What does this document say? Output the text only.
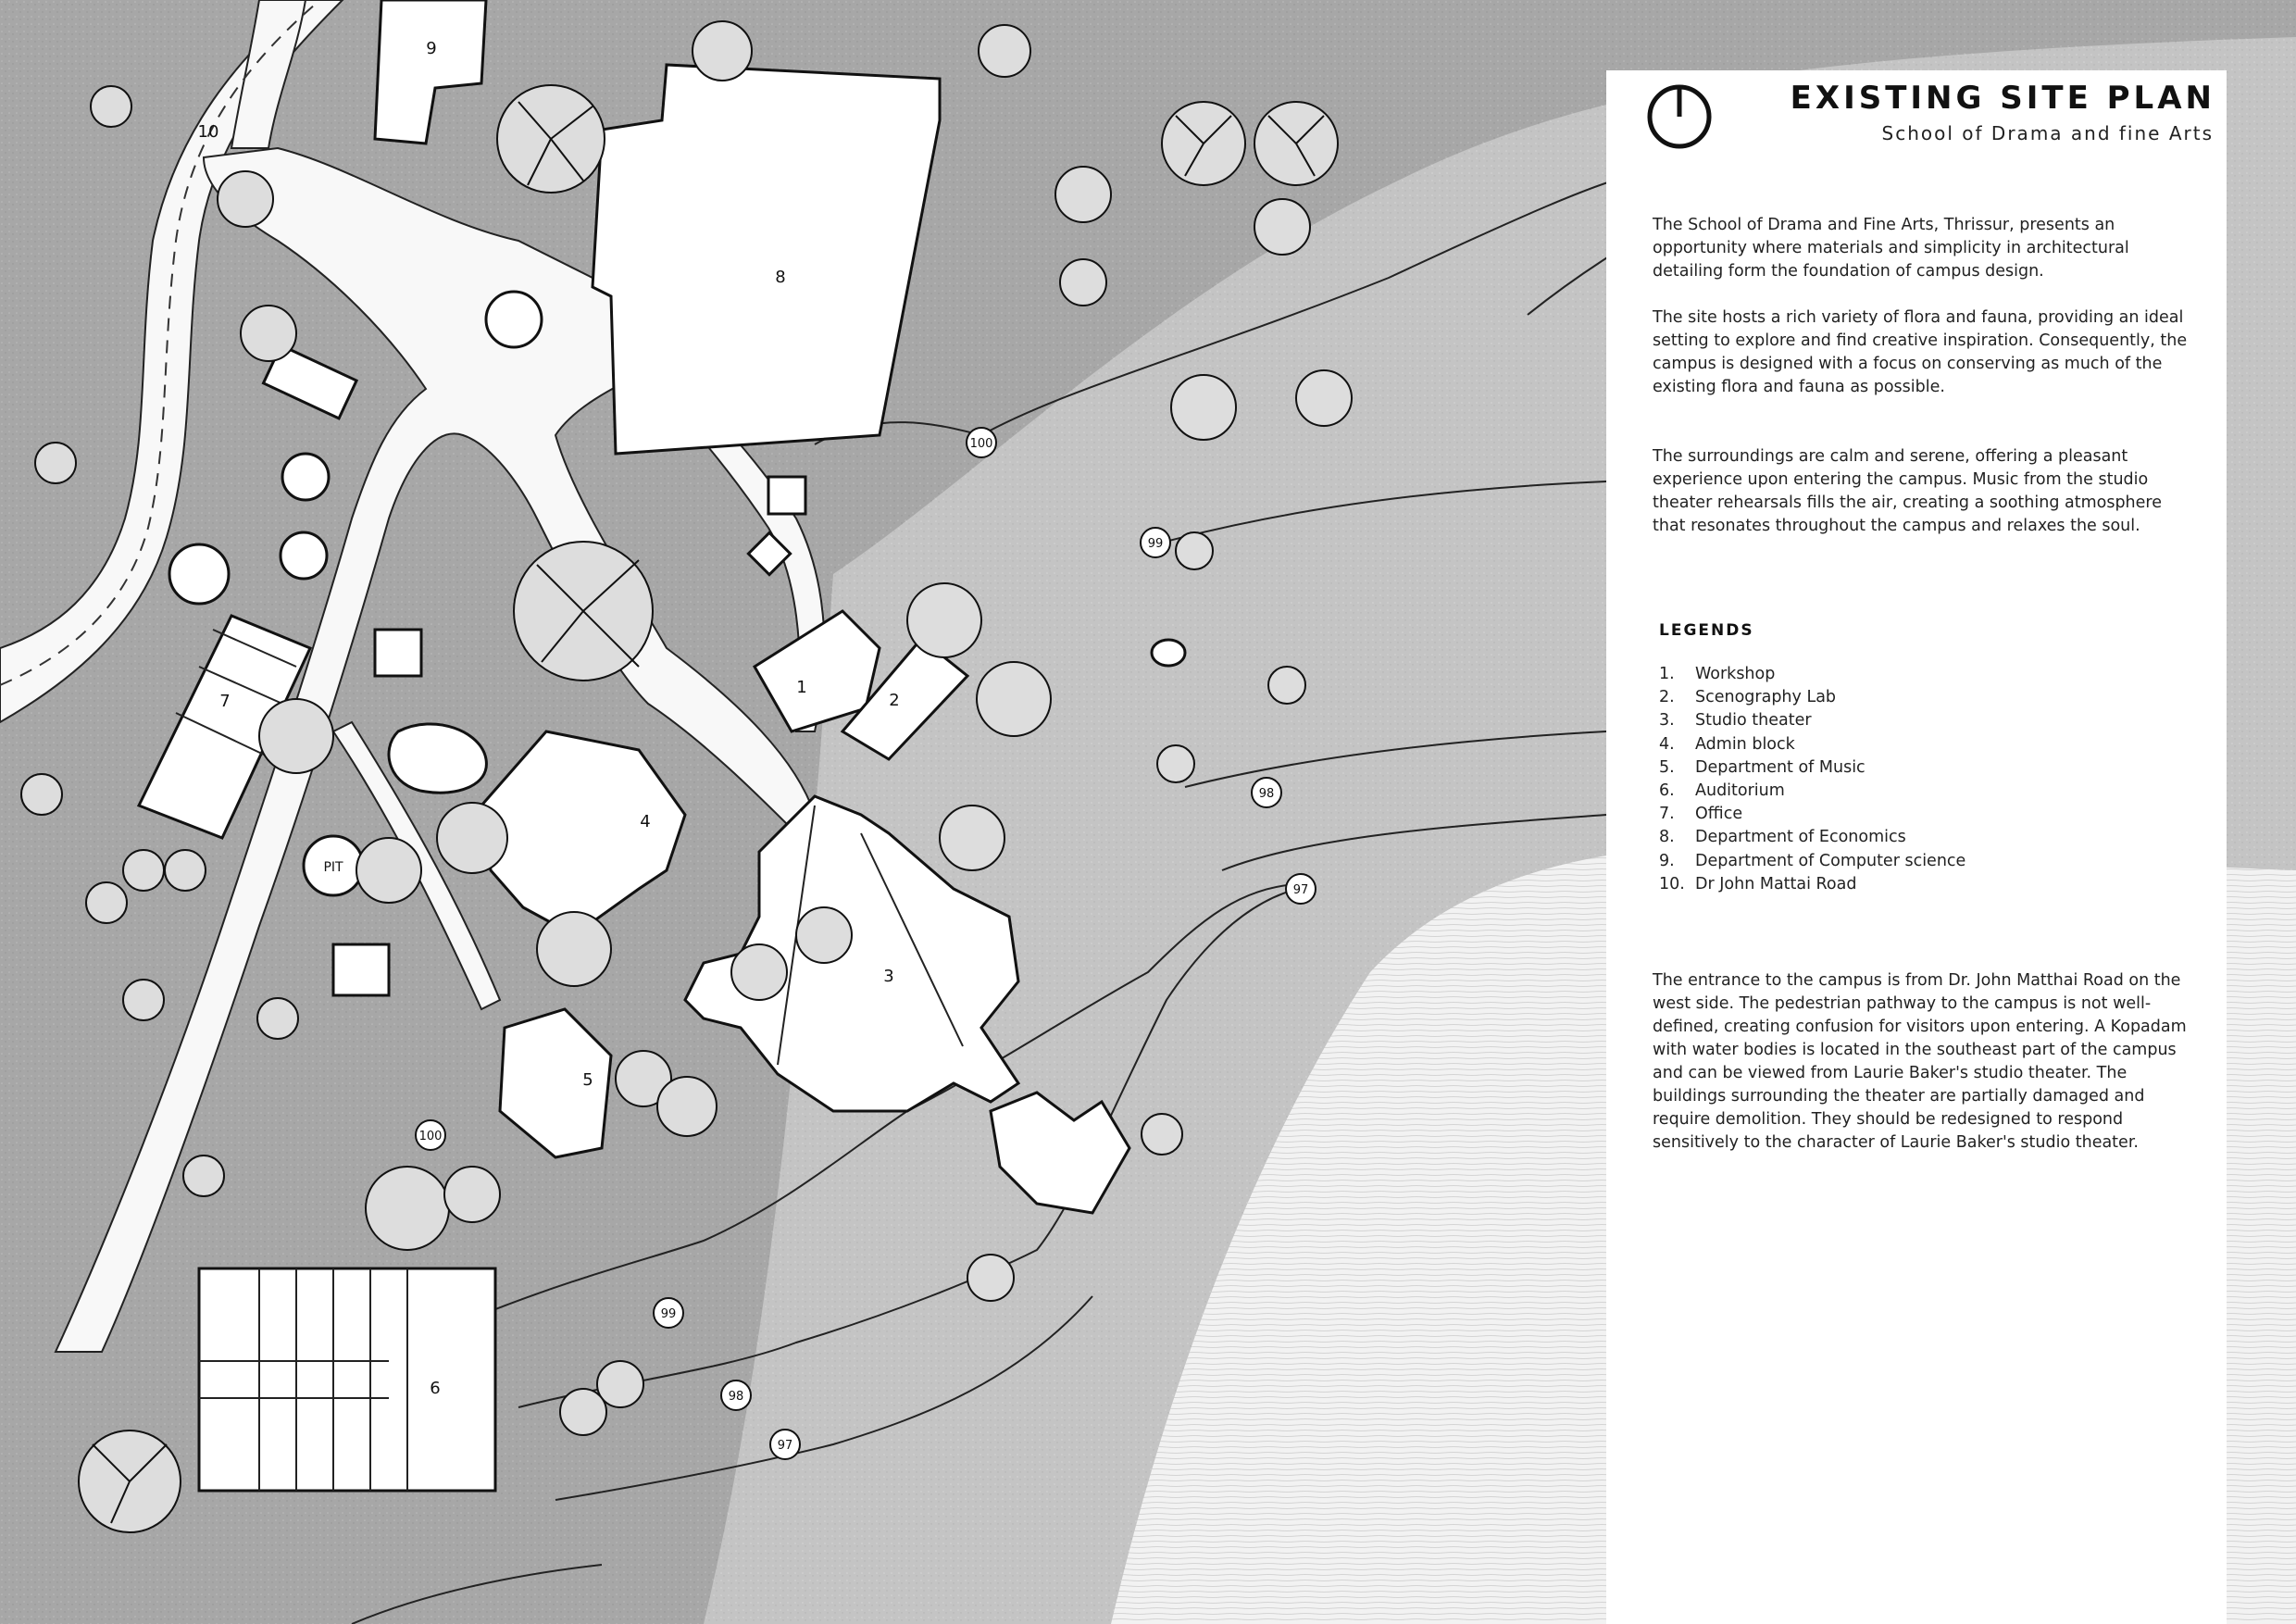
1
2
3
4
5
6
7
8
9
10
PIT
100
99
98
97
100
99
98
97
EXISTING SITE PLAN
School of Drama and fine Arts

The School of Drama and Fine Arts, Thrissur, presents an opportunity where materials and simplicity in architectural detailing form the foundation of campus design.

The site hosts a rich variety of flora and fauna, providing an ideal setting to explore and find creative inspiration. Consequently, the campus is designed with a focus on conserving as much of the existing flora and fauna as possible.

The surroundings are calm and serene, offering a pleasant experience upon entering the campus. Music from the studio theater rehearsals fills the air, creating a soothing atmosphere that resonates throughout the campus and relaxes the soul.

LEGENDS
1.	Workshop
2.	Scenography Lab
3.	Studio theater
4.	Admin block
5.	Department of Music
6.	Auditorium
7.	Office
8.	Department of Economics
9.	Department of Computer science
10. Dr John Mattai Road

The entrance to the campus is from Dr. John Matthai Road on the west side. The pedestrian pathway to the campus is not well-defined, creating confusion for visitors upon entering. A Kopadam with water bodies is located in the southeast part of the campus and can be viewed from Laurie Baker's studio theater. The buildings surrounding the theater are partially damaged and require demolition. They should be redesigned to respond sensitively to the character of Laurie Baker's studio theater.
